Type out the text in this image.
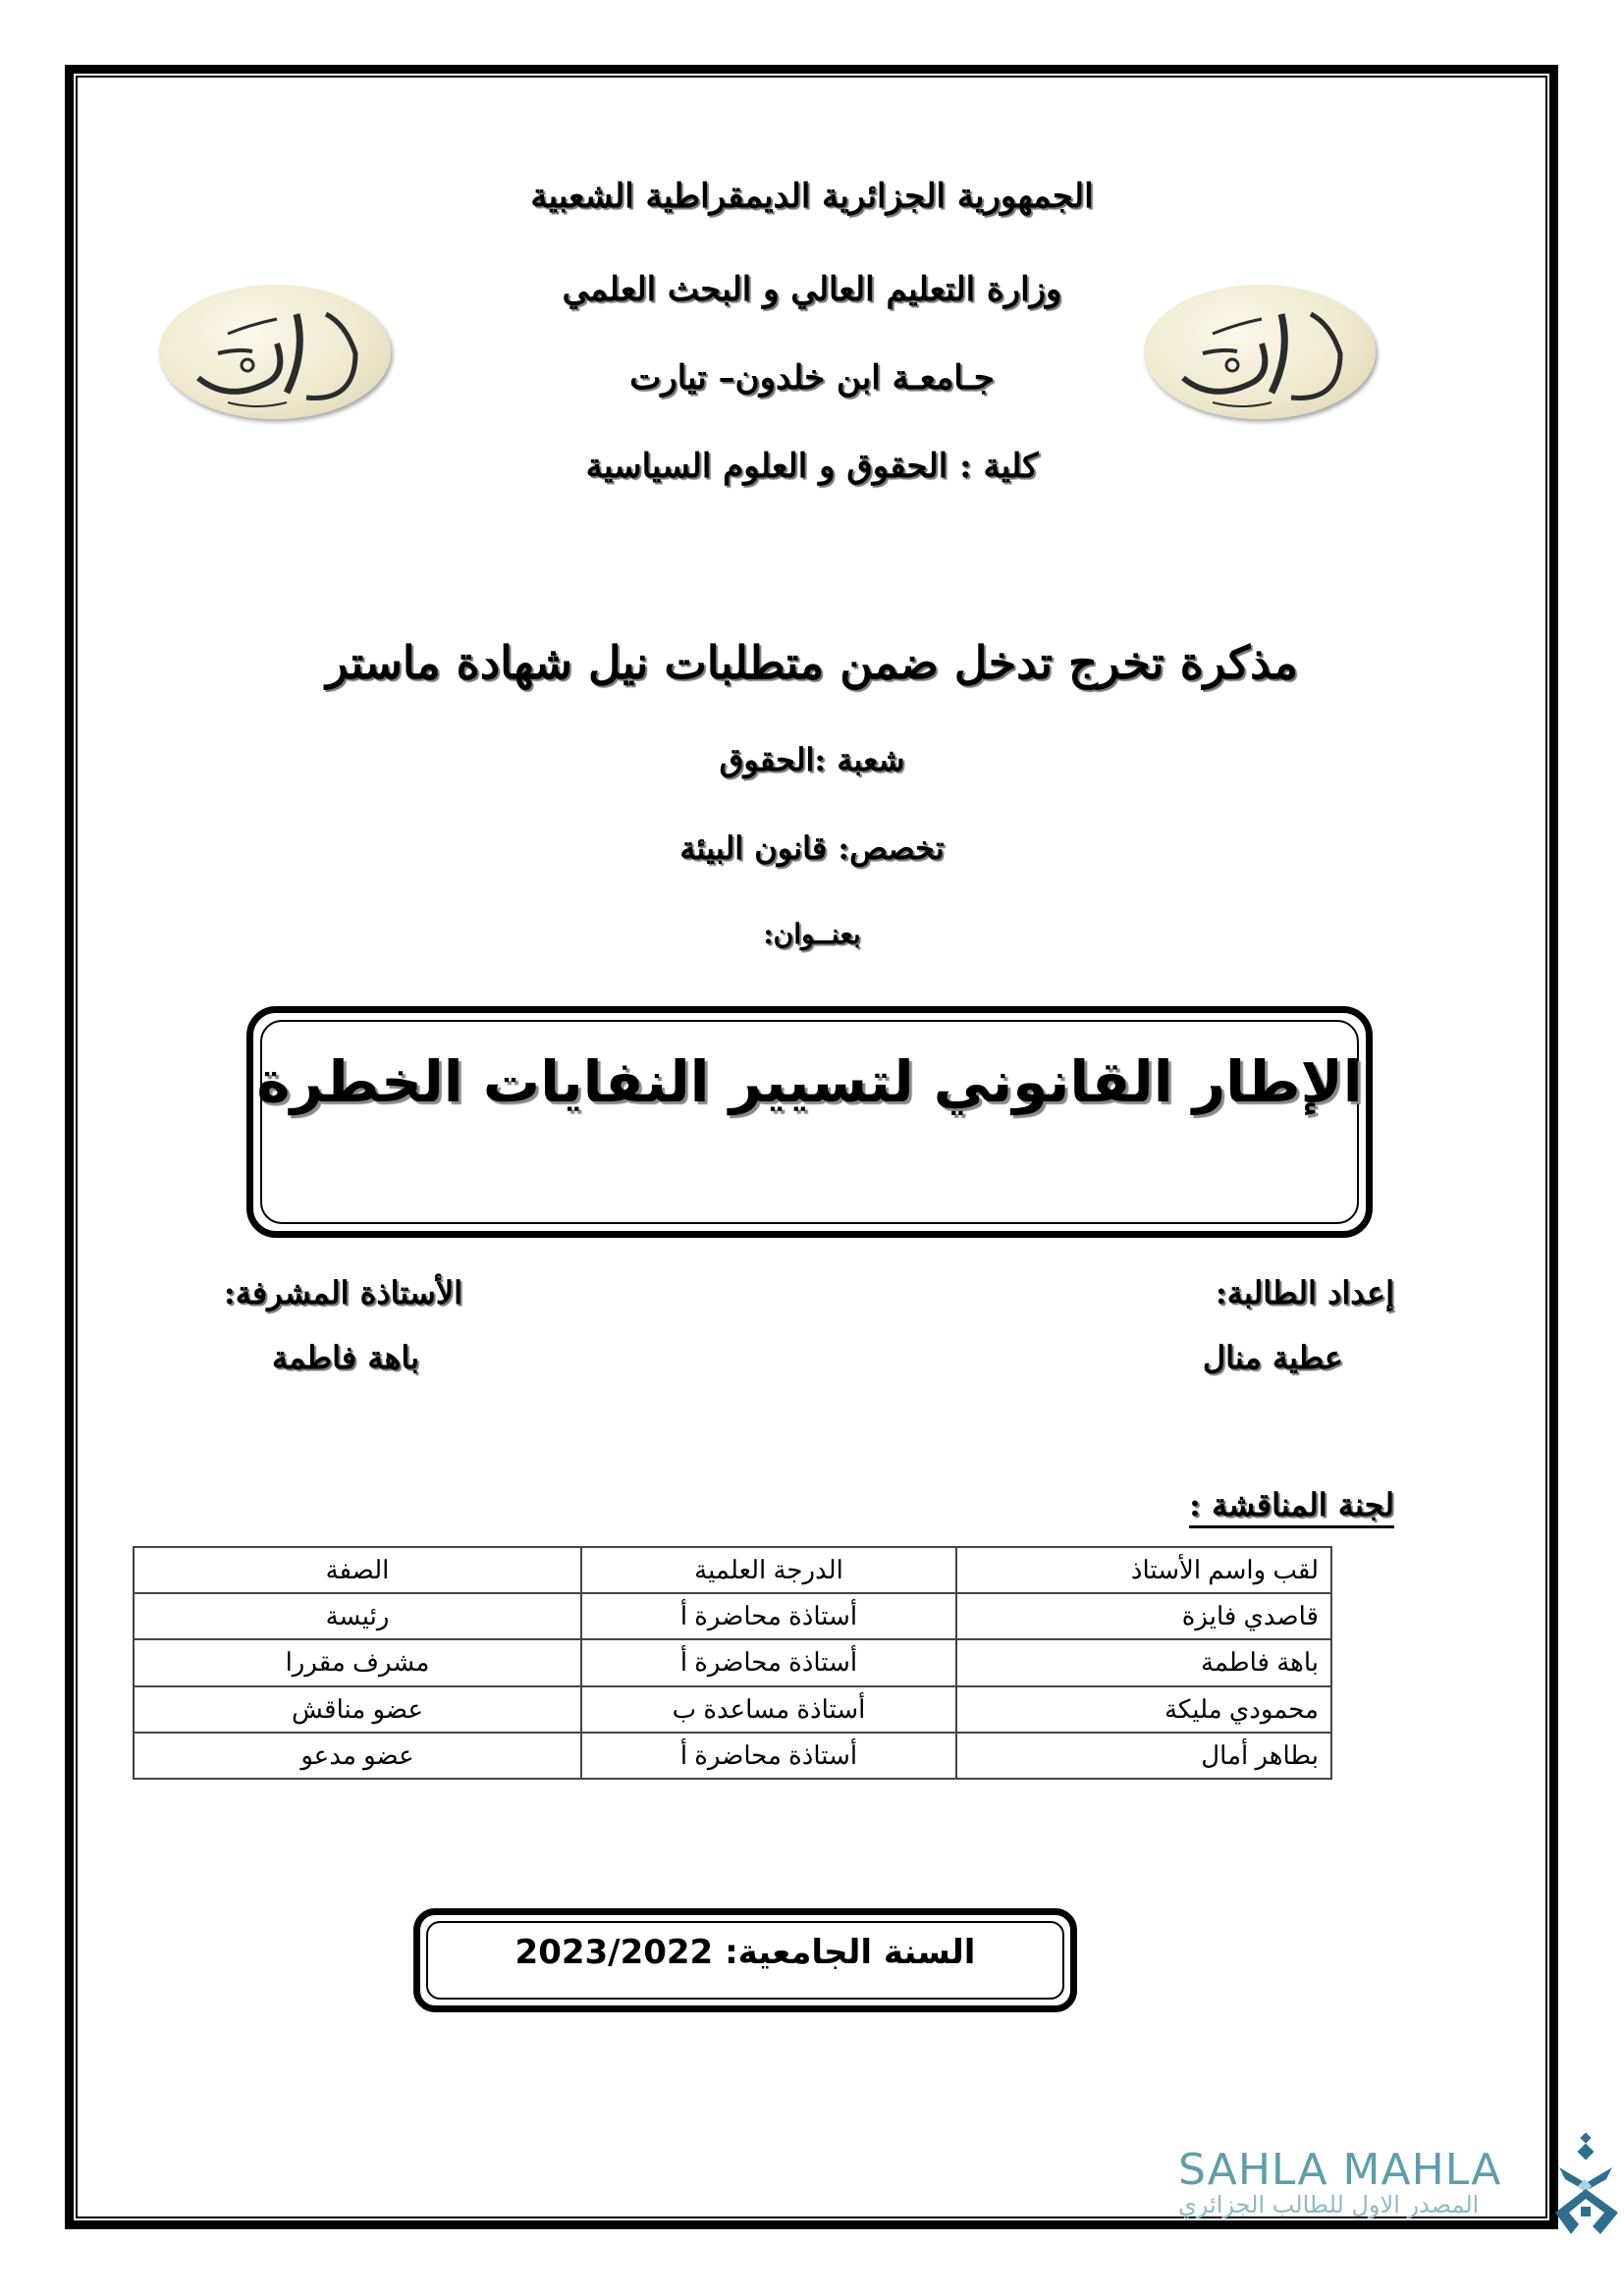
الجمهورية الجزائرية الديمقراطية الشعبية
وزارة التعليم العالي و البحث العلمي
جـامعـة ابن خلدون– تيارت
كلية : الحقوق و العلوم السياسية
مذكرة تخرج تدخل ضمن متطلبات نيل شهادة ماستر
شعبة :الحقوق
تخصص: قانون البيئة
بعنــوان:
الإطار القانوني لتسيير النفايات الخطرة
إعداد الطالبة:
الأستاذة المشرفة:
عطية منال
باهة فاطمة
لجنة المناقشة :
لقب واسم الأستاذ	الدرجة العلمية	الصفة
قاصدي فايزة	أستاذة محاضرة أ	رئيسة
باهة فاطمة	أستاذة محاضرة أ	مشرف مقررا
محمودي مليكة	أستاذة مساعدة ب	عضو مناقش
بطاهر أمال	أستاذة محاضرة أ	عضو مدعو
السنة الجامعية: 2023/2022
SAHLA MAHLA
المصدر الاول للطالب الجزائري
